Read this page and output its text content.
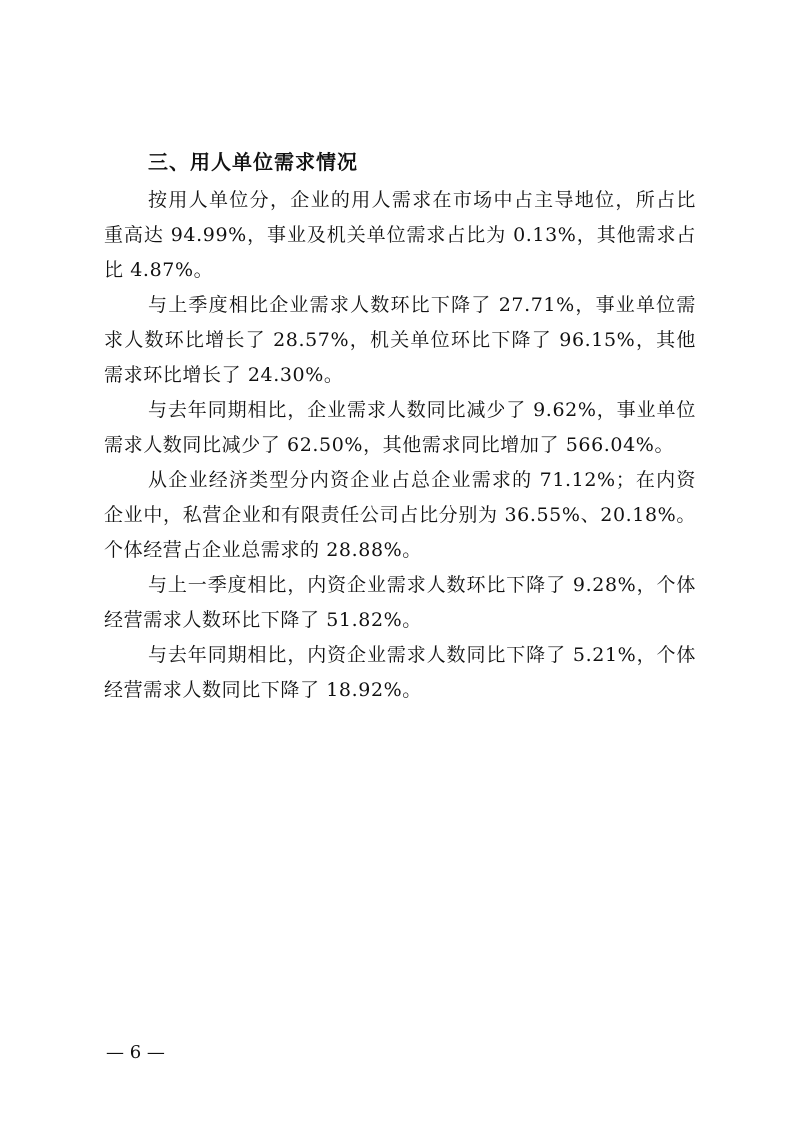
三、用人单位需求情况

按用人单位分，企业的用人需求在市场中占主导地位，所占比重高达 94.99%，事业及机关单位需求占比为 0.13%，其他需求占比 4.87%。

与上季度相比企业需求人数环比下降了 27.71%，事业单位需求人数环比增长了 28.57%，机关单位环比下降了 96.15%，其他需求环比增长了 24.30%。

与去年同期相比，企业需求人数同比减少了 9.62%，事业单位需求人数同比减少了 62.50%，其他需求同比增加了 566.04%。

从企业经济类型分内资企业占总企业需求的 71.12%；在内资企业中，私营企业和有限责任公司占比分别为 36.55%、20.18%。个体经营占企业总需求的 28.88%。

与上一季度相比，内资企业需求人数环比下降了 9.28%，个体经营需求人数环比下降了 51.82%。

与去年同期相比，内资企业需求人数同比下降了 5.21%，个体经营需求人数同比下降了 18.92%。

— 6 —
